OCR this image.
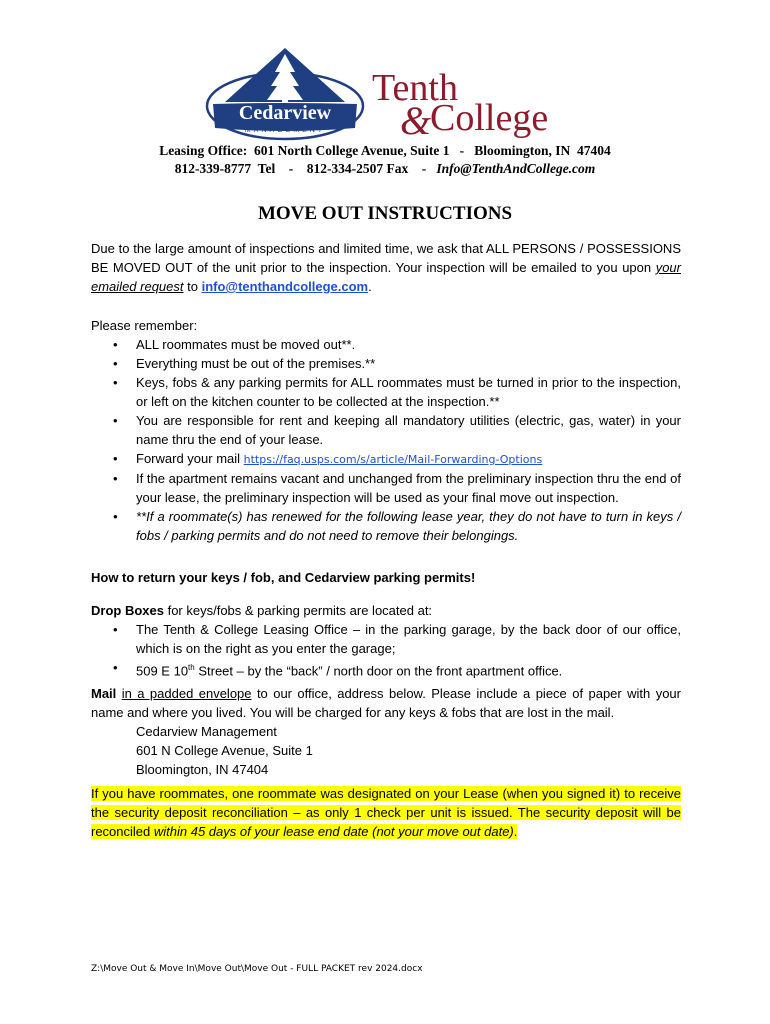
Cedarview
MANAGEMENT
Tenth
&
College
Leasing Office:  601 North College Avenue, Suite 1   -   Bloomington, IN  47404
812-339-8777  Tel    -    812-334-2507 Fax    -   Info@TenthAndCollege.com
MOVE OUT INSTRUCTIONS
Due to the large amount of inspections and limited time, we ask that ALL PERSONS / POSSESSIONS BE MOVED OUT of the unit prior to the inspection. Your inspection will be emailed to you upon your emailed request to info@tenthandcollege.com.
Please remember:
• ALL roommates must be moved out**.
• Everything must be out of the premises.**
• Keys, fobs & any parking permits for ALL roommates must be turned in prior to the inspection, or left on the kitchen counter to be collected at the inspection.**
• You are responsible for rent and keeping all mandatory utilities (electric, gas, water) in your name thru the end of your lease.
• Forward your mail https://faq.usps.com/s/article/Mail-Forwarding-Options
• If the apartment remains vacant and unchanged from the preliminary inspection thru the end of your lease, the preliminary inspection will be used as your final move out inspection.
• **If a roommate(s) has renewed for the following lease year, they do not have to turn in keys / fobs / parking permits and do not need to remove their belongings.
How to return your keys / fob, and Cedarview parking permits!
Drop Boxes for keys/fobs & parking permits are located at:
• The Tenth & College Leasing Office – in the parking garage, by the back door of our office, which is on the right as you enter the garage;
• 509 E 10th Street – by the “back” / north door on the front apartment office.
Mail in a padded envelope to our office, address below. Please include a piece of paper with your name and where you lived. You will be charged for any keys & fobs that are lost in the mail.
Cedarview Management
601 N College Avenue, Suite 1
Bloomington, IN 47404
If you have roommates, one roommate was designated on your Lease (when you signed it) to receive the security deposit reconciliation – as only 1 check per unit is issued. The security deposit will be reconciled within 45 days of your lease end date (not your move out date).
Z:\Move Out & Move In\Move Out\Move Out - FULL PACKET rev 2024.docx
